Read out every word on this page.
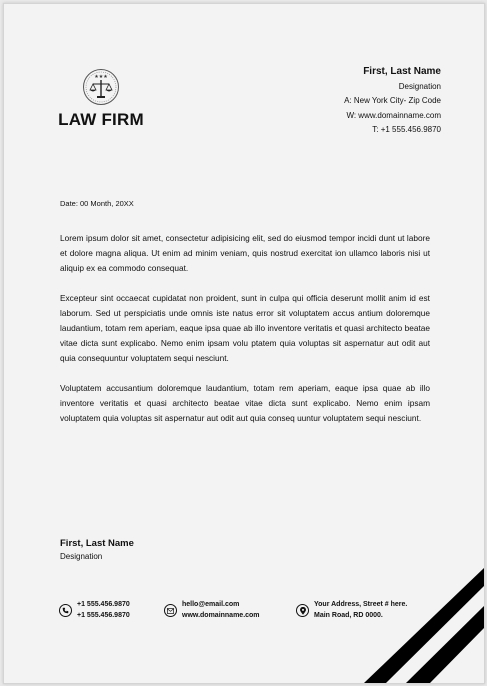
★★★
LAW FIRM
First, Last Name
Designation
A: New York City- Zip Code
W: www.domainname.com
T: +1 555.456.9870
Date: 00 Month, 20XX

Lorem ipsum dolor sit amet, consectetur adipisicing elit, sed do eiusmod tempor incidi dunt ut labore et dolore magna aliqua. Ut enim ad minim veniam, quis nostrud exercitat ion ullamco laboris nisi ut aliquip ex ea commodo consequat.

Excepteur sint occaecat cupidatat non proident, sunt in culpa qui officia deserunt mollit anim id est laborum. Sed ut perspiciatis unde omnis iste natus error sit voluptatem accus antium doloremque laudantium, totam rem aperiam, eaque ipsa quae ab illo inventore veritatis et quasi architecto beatae vitae dicta sunt explicabo. Nemo enim ipsam volu ptatem quia voluptas sit aspernatur aut odit aut quia consequuntur voluptatem sequi nesciunt.

Voluptatem accusantium doloremque laudantium, totam rem aperiam, eaque ipsa quae ab illo inventore veritatis et quasi architecto beatae vitae dicta sunt explicabo. Nemo enim ipsam voluptatem quia voluptas sit aspernatur aut odit aut quia conseq uuntur voluptatem sequi nesciunt.

First, Last Name
Designation
+1 555.456.9870
+1 555.456.9870
hello@email.com
www.domainname.com
Your Address, Street # here.
Main Road, RD 0000.
